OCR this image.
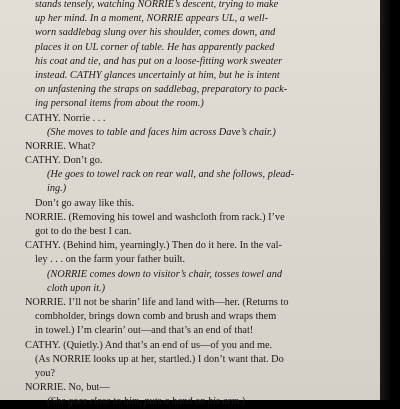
stands tensely, watching NORRIE’s descent, trying to make
up her mind. In a moment, NORRIE appears UL, a well-
worn saddlebag slung over his shoulder, comes down, and
places it on UL corner of table. He has apparently packed
his coat and tie, and has put on a loose-fitting work sweater
instead. CATHY glances uncertainly at him, but he is intent
on unfastening the straps on saddlebag, preparatory to pack-
ing personal items from about the room.)
CATHY. Norrie . . .
(She moves to table and faces him across Dave’s chair.)
NORRIE. What?
CATHY. Don’t go.
(He goes to towel rack on rear wall, and she follows, plead-
ing.)
Don’t go away like this.
NORRIE. (Removing his towel and washcloth from rack.) I’ve
got to do the best I can.
CATHY. (Behind him, yearningly.) Then do it here. In the val-
ley . . . on the farm your father built.
(NORRIE comes down to visitor’s chair, tosses towel and
cloth upon it.)
NORRIE. I’ll not be sharin’ life and land with—her. (Returns to
combholder, brings down comb and brush and wraps them
in towel.) I’m clearin’ out—and that’s an end of that!
CATHY. (Quietly.) And that’s an end of us—of you and me.
(As NORRIE looks up at her, startled.) I don’t want that. Do
you?
NORRIE. No, but—
(She goes close to him, puts a hand on his arm.)
